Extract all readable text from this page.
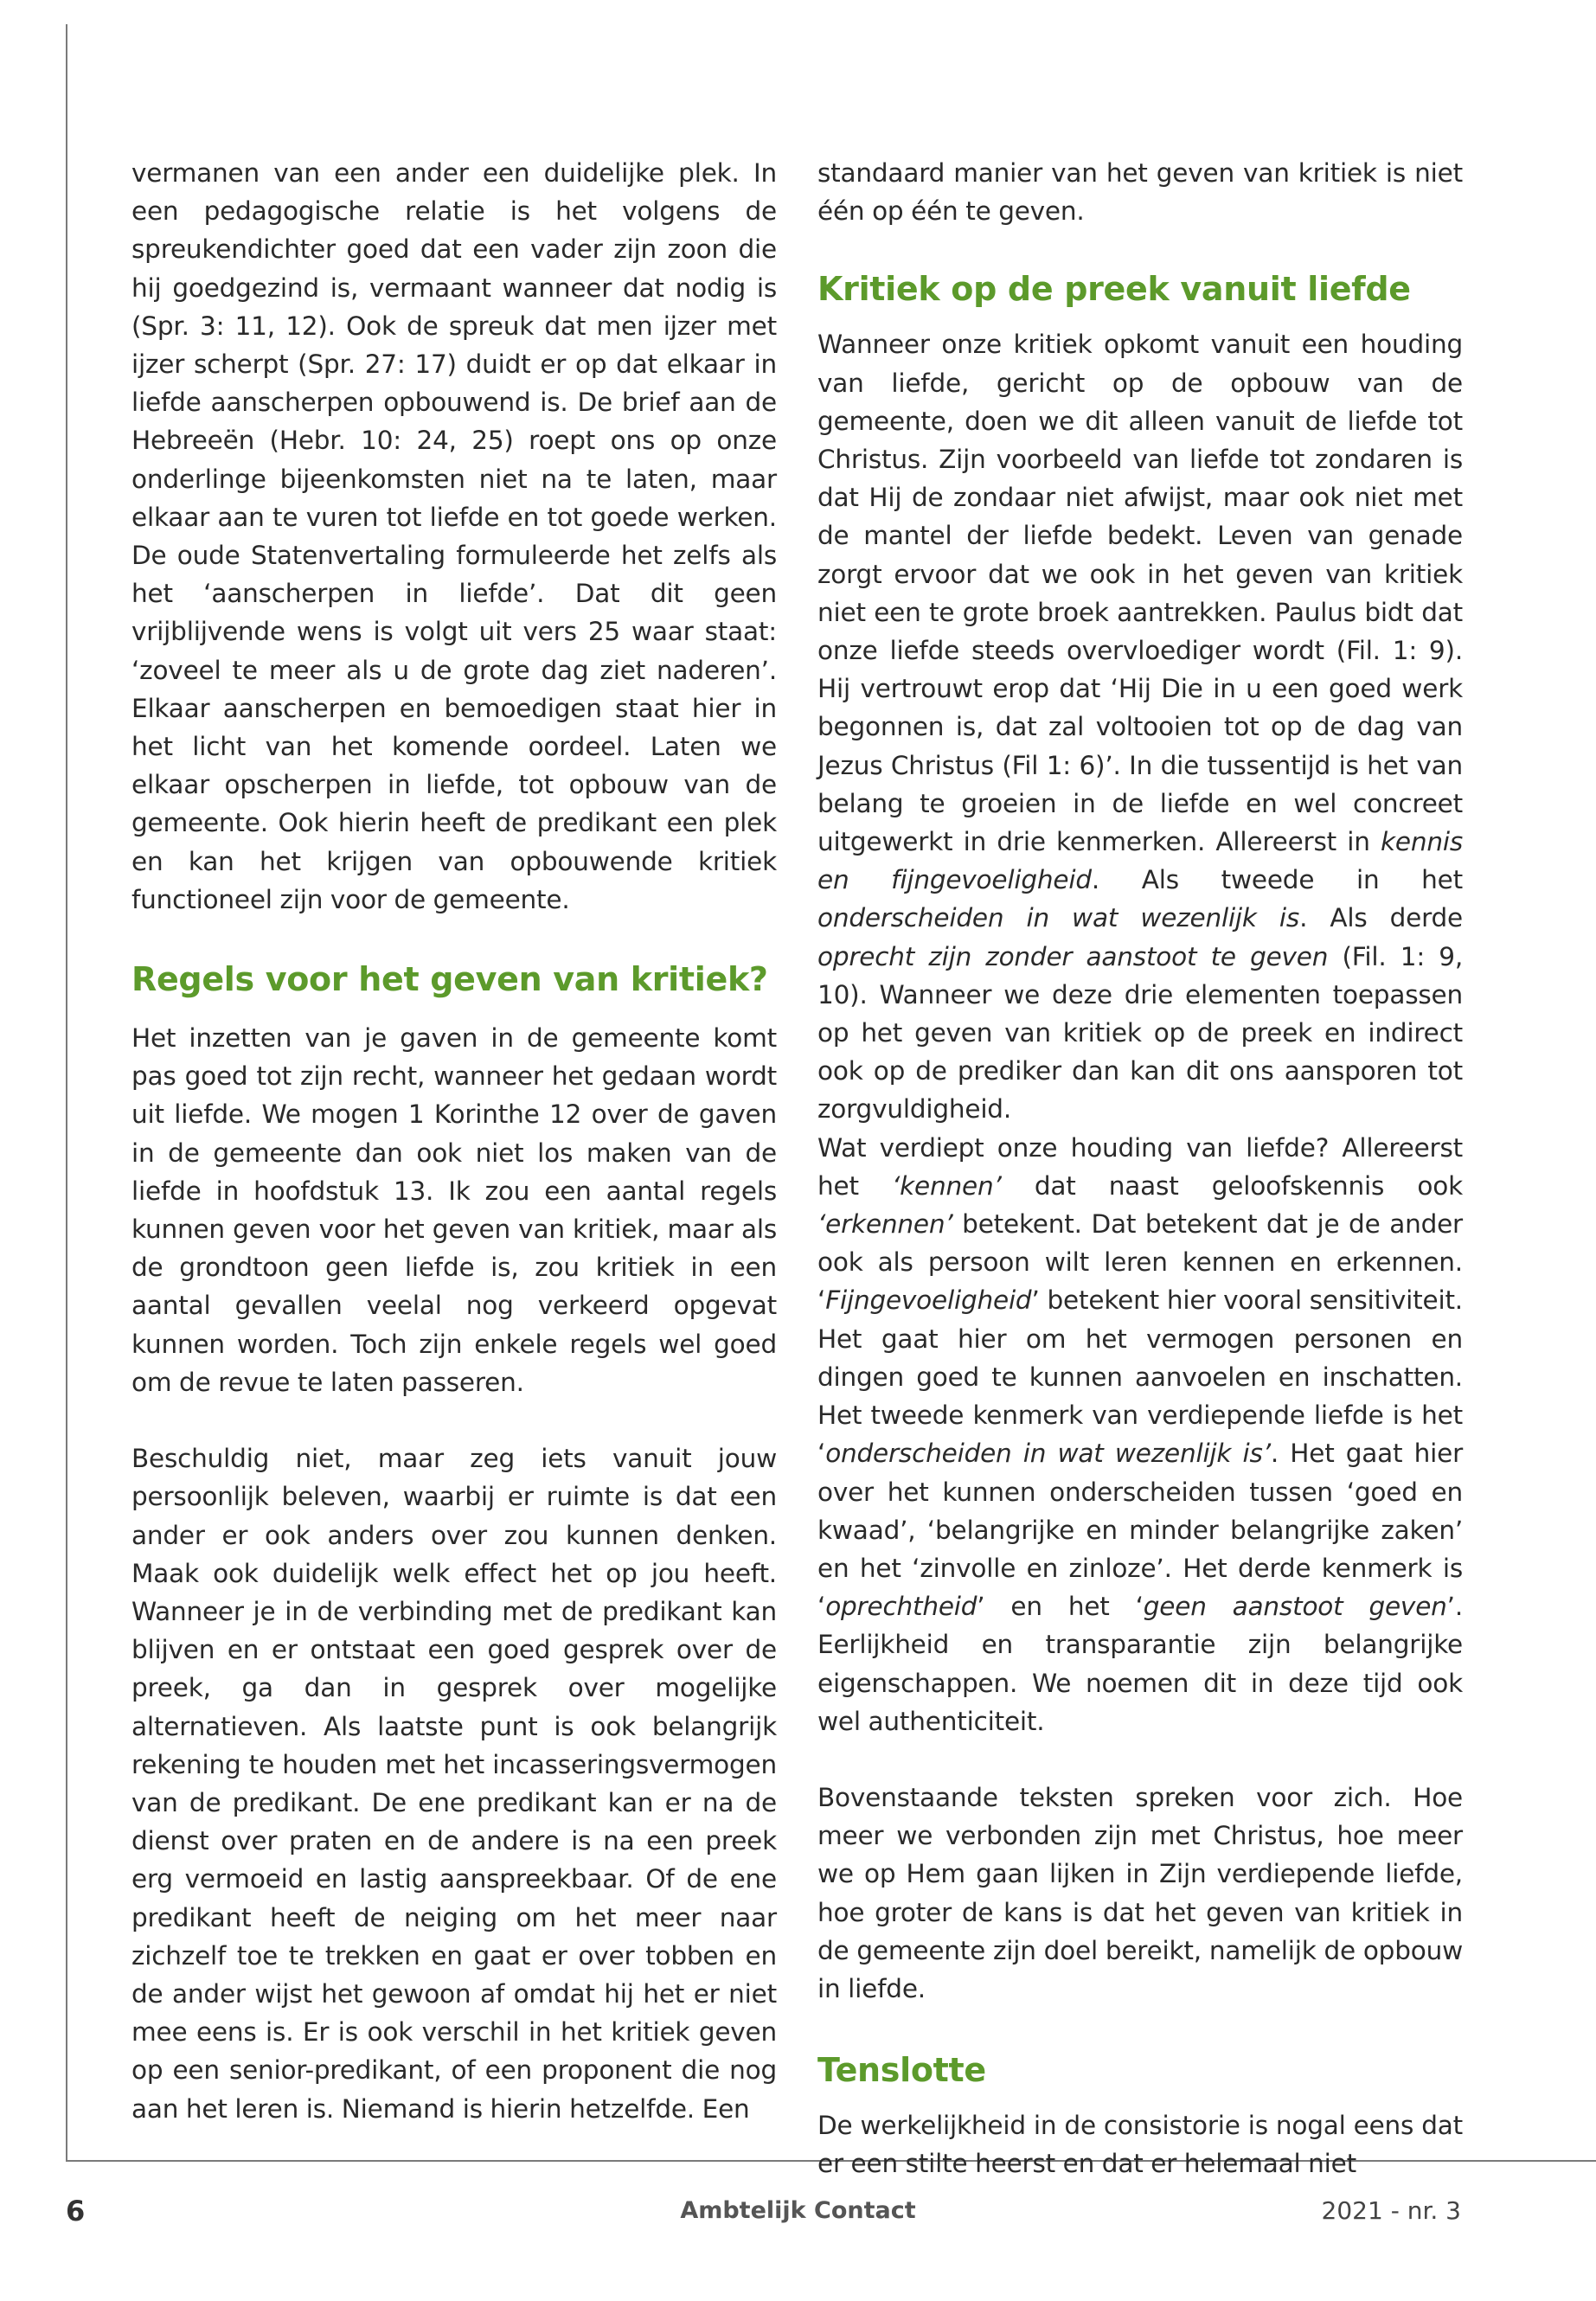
vermanen van een ander een duidelijke plek. In een pedagogische relatie is het volgens de spreukendichter goed dat een vader zijn zoon die hij goedgezind is, vermaant wanneer dat nodig is (Spr. 3: 11, 12). Ook de spreuk dat men ijzer met ijzer scherpt (Spr. 27: 17) duidt er op dat elkaar in liefde aanscherpen opbouwend is. De brief aan de Hebreeën (Hebr. 10: 24, 25) roept ons op onze onderlinge bijeenkomsten niet na te laten, maar elkaar aan te vuren tot liefde en tot goede werken. De oude Statenvertaling formuleerde het zelfs als het ‘aanscherpen in liefde’. Dat dit geen vrijblijvende wens is volgt uit vers 25 waar staat: ‘zoveel te meer als u de grote dag ziet naderen’. Elkaar aanscherpen en bemoedigen staat hier in het licht van het komende oordeel. Laten we elkaar opscherpen in liefde, tot opbouw van de gemeente. Ook hierin heeft de predikant een plek en kan het krijgen van opbouwende kritiek functioneel zijn voor de gemeente.

Regels voor het geven van kritiek?

Het inzetten van je gaven in de gemeente komt pas goed tot zijn recht, wanneer het gedaan wordt uit liefde. We mogen 1 Korinthe 12 over de gaven in de gemeente dan ook niet los maken van de liefde in hoofdstuk 13. Ik zou een aantal regels kunnen geven voor het geven van kritiek, maar als de grondtoon geen liefde is, zou kritiek in een aantal gevallen veelal nog verkeerd opgevat kunnen worden. Toch zijn enkele regels wel goed om de revue te laten passeren.

Beschuldig niet, maar zeg iets vanuit jouw persoonlijk beleven, waarbij er ruimte is dat een ander er ook anders over zou kunnen denken. Maak ook duidelijk welk effect het op jou heeft. Wanneer je in de verbinding met de predikant kan blijven en er ontstaat een goed gesprek over de preek, ga dan in gesprek over mogelijke alternatieven. Als laatste punt is ook belangrijk rekening te houden met het incasseringsvermogen van de predikant. De ene predikant kan er na de dienst over praten en de andere is na een preek erg vermoeid en lastig aanspreekbaar. Of de ene predikant heeft de neiging om het meer naar zichzelf toe te trekken en gaat er over tobben en de ander wijst het gewoon af omdat hij het er niet mee eens is. Er is ook verschil in het kritiek geven op een senior-predikant, of een proponent die nog aan het leren is. Niemand is hierin hetzelfde. Een

standaard manier van het geven van kritiek is niet één op één te geven.

Kritiek op de preek vanuit liefde

Wanneer onze kritiek opkomt vanuit een houding van liefde, gericht op de opbouw van de gemeente, doen we dit alleen vanuit de liefde tot Christus. Zijn voorbeeld van liefde tot zondaren is dat Hij de zondaar niet afwijst, maar ook niet met de mantel der liefde bedekt. Leven van genade zorgt ervoor dat we ook in het geven van kritiek niet een te grote broek aantrekken. Paulus bidt dat onze liefde steeds overvloediger wordt (Fil. 1: 9). Hij vertrouwt erop dat ‘Hij Die in u een goed werk begonnen is, dat zal voltooien tot op de dag van Jezus Christus (Fil 1: 6)’. In die tussentijd is het van belang te groeien in de liefde en wel concreet uitgewerkt in drie kenmerken. Allereerst in kennis en fijngevoeligheid. Als tweede in het onderscheiden in wat wezenlijk is. Als derde oprecht zijn zonder aanstoot te geven (Fil. 1: 9, 10). Wanneer we deze drie elementen toepassen op het geven van kritiek op de preek en indirect ook op de prediker dan kan dit ons aansporen tot zorgvuldigheid.

Wat verdiept onze houding van liefde? Allereerst het ‘kennen’ dat naast geloofskennis ook ‘erkennen’ betekent. Dat betekent dat je de ander ook als persoon wilt leren kennen en erkennen. ‘Fijngevoeligheid’ betekent hier vooral sensitiviteit. Het gaat hier om het vermogen personen en dingen goed te kunnen aanvoelen en inschatten. Het tweede kenmerk van verdiepende liefde is het ‘onderscheiden in wat wezenlijk is’. Het gaat hier over het kunnen onderscheiden tussen ‘goed en kwaad’, ‘belangrijke en minder belangrijke zaken’ en het ‘zinvolle en zinloze’. Het derde kenmerk is ‘oprechtheid’ en het ‘geen aanstoot geven’. Eerlijkheid en transparantie zijn belangrijke eigenschappen. We noemen dit in deze tijd ook wel authenticiteit.

Bovenstaande teksten spreken voor zich. Hoe meer we verbonden zijn met Christus, hoe meer we op Hem gaan lijken in Zijn verdiepende liefde, hoe groter de kans is dat het geven van kritiek in de gemeente zijn doel bereikt, namelijk de opbouw in liefde.

Tenslotte

De werkelijkheid in de consistorie is nogal eens dat er een stilte heerst en dat er helemaal niet

6	Ambtelijk Contact	2021 - nr. 3
